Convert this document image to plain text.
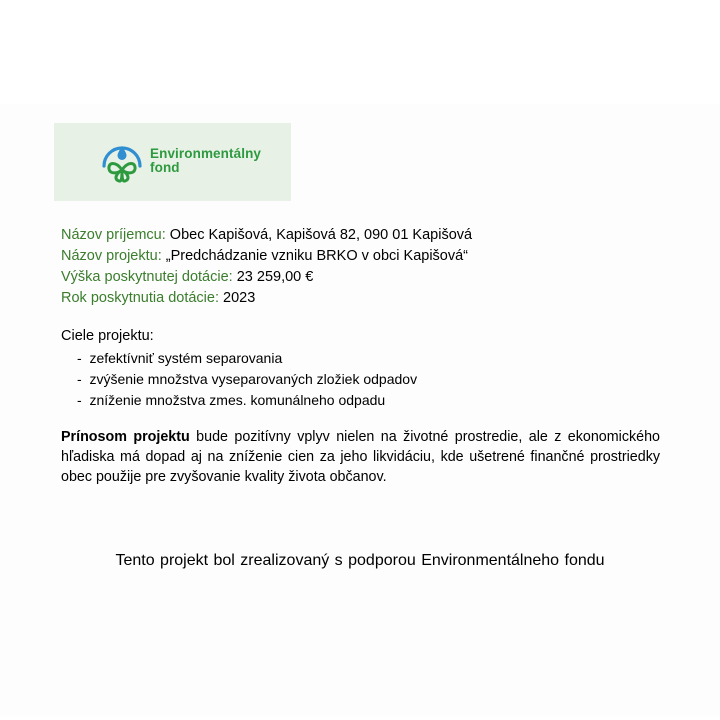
Environmentálny
fond
Názov príjemcu: Obec Kapišová, Kapišová 82, 090 01 Kapišová
Názov projektu: „Predchádzanie vzniku BRKO v obci Kapišová“
Výška poskytnutej dotácie: 23 259,00 €
Rok poskytnutia dotácie: 2023
Ciele projektu:
- zefektívniť systém separovania
- zvýšenie množstva vyseparovaných zložiek odpadov
- zníženie množstva zmes. komunálneho odpadu
Prínosom projektu bude pozitívny vplyv nielen na životné prostredie, ale z ekonomického hľadiska má dopad aj na zníženie cien za jeho likvidáciu, kde ušetrené finančné prostriedky obec použije pre zvyšovanie kvality života občanov.
Tento projekt bol zrealizovaný s podporou Environmentálneho fondu
